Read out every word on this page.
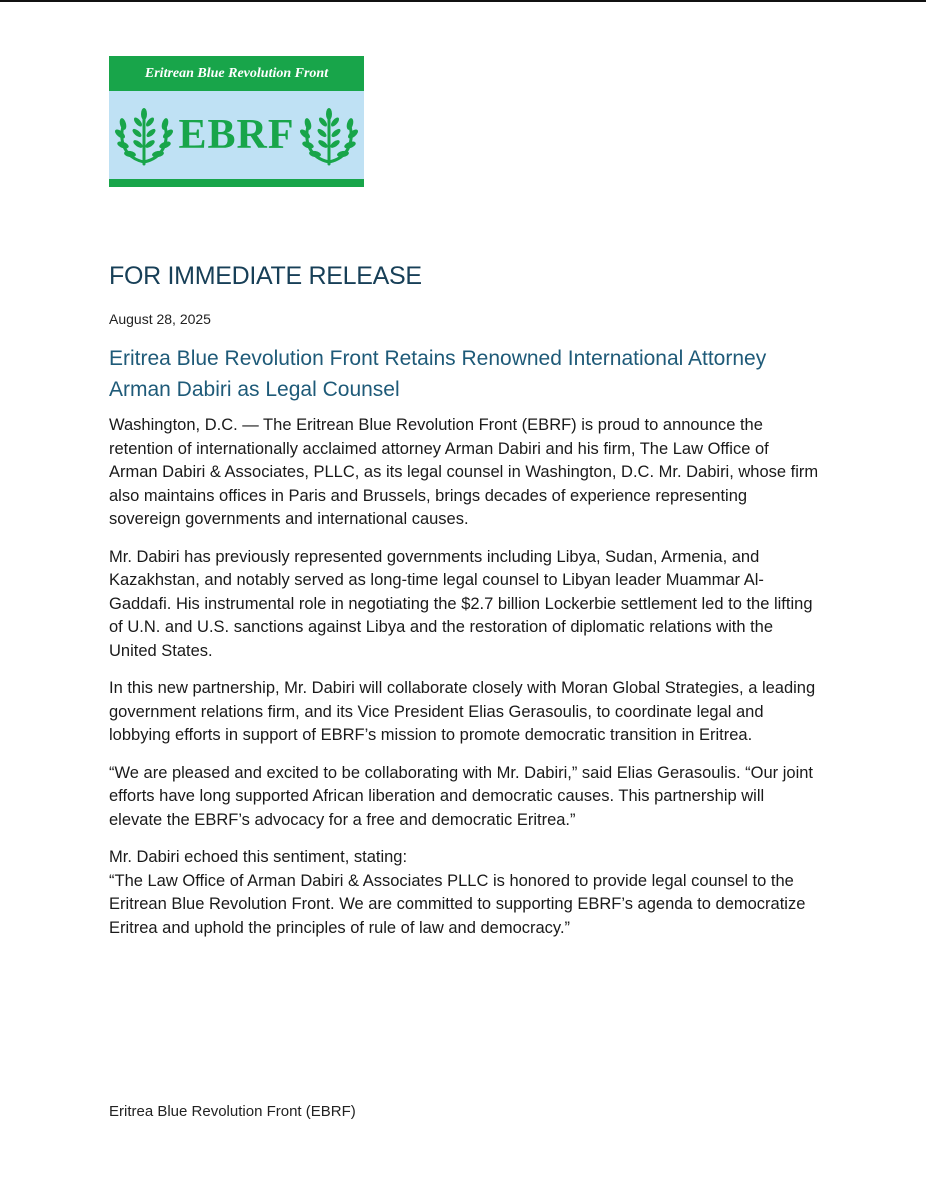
Eritrean Blue Revolution Front
EBRF
FOR IMMEDIATE RELEASE
August 28, 2025
Eritrea Blue Revolution Front Retains Renowned International Attorney Arman Dabiri as Legal Counsel

Washington, D.C. — The Eritrean Blue Revolution Front (EBRF) is proud to announce the retention of internationally acclaimed attorney Arman Dabiri and his firm, The Law Office of Arman Dabiri & Associates, PLLC, as its legal counsel in Washington, D.C. Mr. Dabiri, whose firm also maintains offices in Paris and Brussels, brings decades of experience representing sovereign governments and international causes.

Mr. Dabiri has previously represented governments including Libya, Sudan, Armenia, and Kazakhstan, and notably served as long-time legal counsel to Libyan leader Muammar Al-Gaddafi. His instrumental role in negotiating the $2.7 billion Lockerbie settlement led to the lifting of U.N. and U.S. sanctions against Libya and the restoration of diplomatic relations with the United States.

In this new partnership, Mr. Dabiri will collaborate closely with Moran Global Strategies, a leading government relations firm, and its Vice President Elias Gerasoulis, to coordinate legal and lobbying efforts in support of EBRF’s mission to promote democratic transition in Eritrea.

“We are pleased and excited to be collaborating with Mr. Dabiri,” said Elias Gerasoulis. “Our joint efforts have long supported African liberation and democratic causes. This partnership will elevate the EBRF’s advocacy for a free and democratic Eritrea.”

Mr. Dabiri echoed this sentiment, stating:
“The Law Office of Arman Dabiri & Associates PLLC is honored to provide legal counsel to the Eritrean Blue Revolution Front. We are committed to supporting EBRF’s agenda to democratize Eritrea and uphold the principles of rule of law and democracy.”

Eritrea Blue Revolution Front (EBRF)
